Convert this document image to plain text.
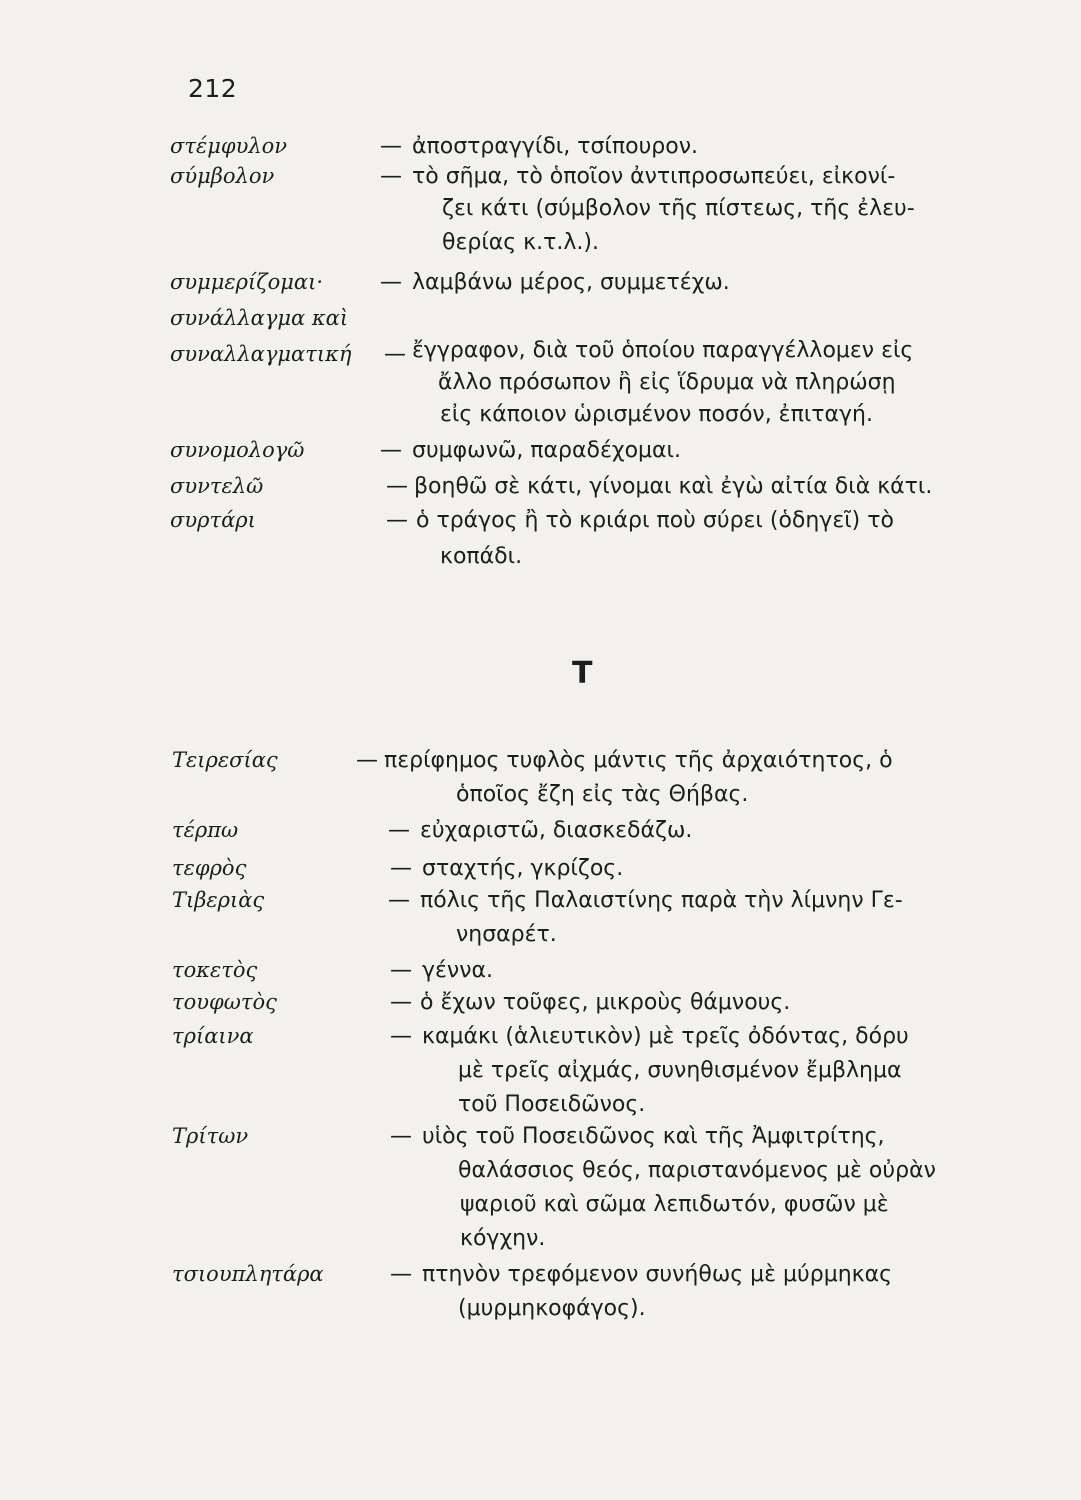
212
στέμφυλον	— ἀποστραγγίδι, τσίπουρον.
σύμβολον	— τὸ σῆμα, τὸ ὁποῖον ἀντιπροσωπεύει, εἰκονί-
ζει κάτι (σύμβολον τῆς πίστεως, τῆς ἐλευ-
θερίας κ.τ.λ.).
συμμερίζομαι·	— λαμβάνω μέρος, συμμετέχω.
συνάλλαγμα καὶ
συναλλαγματική — ἔγγραφον, διὰ τοῦ ὁποίου παραγγέλλομεν εἰς
ἄλλο πρόσωπον ἢ εἰς ἵδρυμα νὰ πληρώσῃ
εἰς κάποιον ὡρισμένον ποσόν, ἐπιταγή.
συνομολογῶ	— συμφωνῶ, παραδέχομαι.
συντελῶ	— βοηθῶ σὲ κάτι, γίνομαι καὶ ἐγὼ αἰτία διὰ κάτι.
συρτάρι	— ὁ τράγος ἢ τὸ κριάρι ποὺ σύρει (ὁδηγεῖ) τὸ
κοπάδι.
Τ
Τειρεσίας	— περίφημος τυφλὸς μάντις τῆς ἀρχαιότητος, ὁ
ὁποῖος ἔζη εἰς τὰς Θήβας.
τέρπω	— εὐχαριστῶ, διασκεδάζω.
τεφρὸς	— σταχτής, γκρίζος.
Τιβεριὰς	— πόλις τῆς Παλαιστίνης παρὰ τὴν λίμνην Γε-
νησαρέτ.
τοκετὸς	— γέννα.
τουφωτὸς	— ὁ ἔχων τοῦφες, μικροὺς θάμνους.
τρίαινα	— καμάκι (ἁλιευτικὸν) μὲ τρεῖς ὀδόντας, δόρυ
μὲ τρεῖς αἰχμάς, συνηθισμένον ἔμβλημα
τοῦ Ποσειδῶνος.
Τρίτων	— υἱὸς τοῦ Ποσειδῶνος καὶ τῆς Ἀμφιτρίτης,
θαλάσσιος θεός, παριστανόμενος μὲ οὐρὰν
ψαριοῦ καὶ σῶμα λεπιδωτόν, φυσῶν μὲ
κόγχην.
τσιουπλητάρα	— πτηνὸν τρεφόμενον συνήθως μὲ μύρμηκας
(μυρμηκοφάγος).
